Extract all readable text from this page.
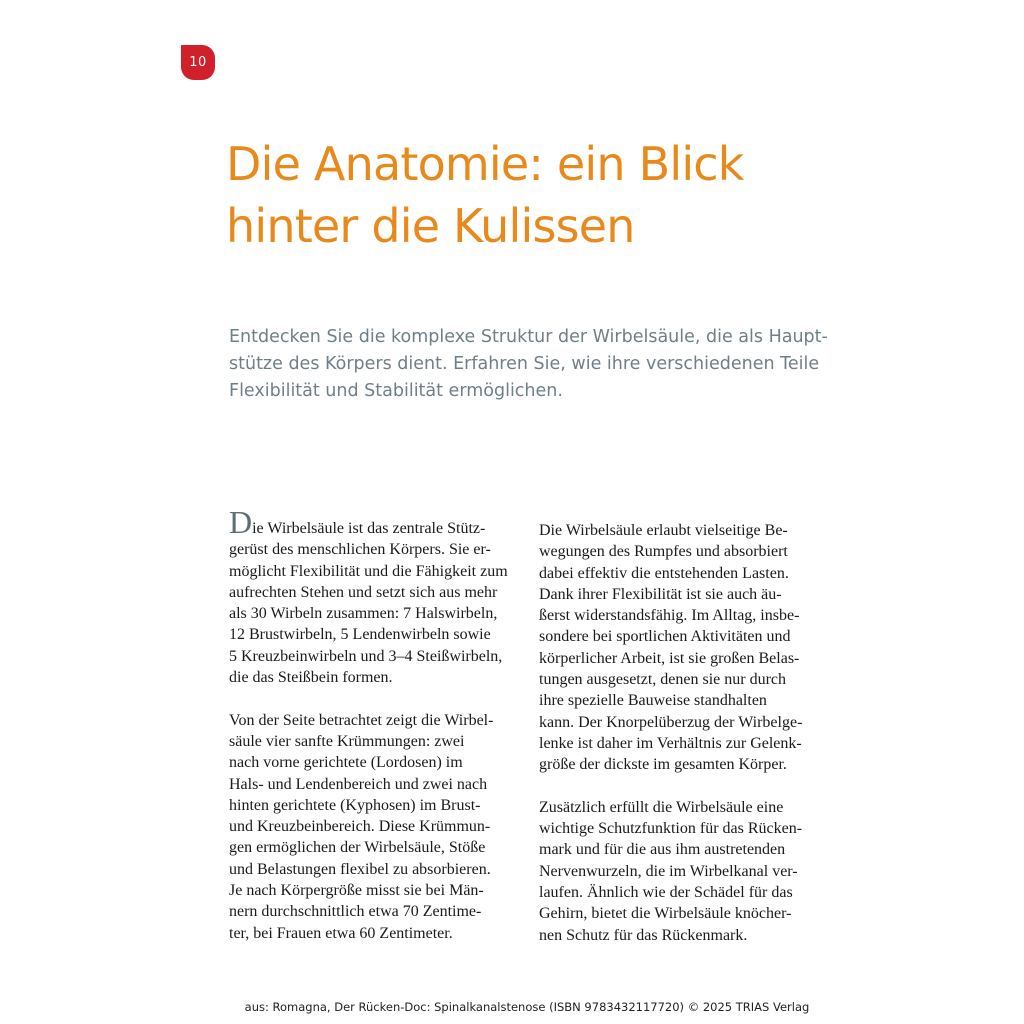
10
Die Anatomie: ein Blick
hinter die Kulissen

Entdecken Sie die komplexe Struktur der Wirbelsäule, die als Haupt-
stütze des Körpers dient. Erfahren Sie, wie ihre verschiedenen Teile
Flexibilität und Stabilität ermöglichen.

Die Wirbelsäule ist das zentrale Stütz-
gerüst des menschlichen Körpers. Sie er-
möglicht Flexibilität und die Fähigkeit zum
aufrechten Stehen und setzt sich aus mehr
als 30 Wirbeln zusammen: 7 Halswirbeln,
12 Brustwirbeln, 5 Lendenwirbeln sowie
5 Kreuzbeinwirbeln und 3–4 Steißwirbeln,
die das Steißbein formen.

Von der Seite betrachtet zeigt die Wirbel-
säule vier sanfte Krümmungen: zwei
nach vorne gerichtete (Lordosen) im
Hals- und Lendenbereich und zwei nach
hinten gerichtete (Kyphosen) im Brust-
und Kreuzbeinbereich. Diese Krümmun-
gen ermöglichen der Wirbelsäule, Stöße
und Belastungen flexibel zu absorbieren.
Je nach Körpergröße misst sie bei Män-
nern durchschnittlich etwa 70 Zentime-
ter, bei Frauen etwa 60 Zentimeter.

Die Wirbelsäule erlaubt vielseitige Be-
wegungen des Rumpfes und absorbiert
dabei effektiv die entstehenden Lasten.
Dank ihrer Flexibilität ist sie auch äu-
ßerst widerstandsfähig. Im Alltag, insbe-
sondere bei sportlichen Aktivitäten und
körperlicher Arbeit, ist sie großen Belas-
tungen ausgesetzt, denen sie nur durch
ihre spezielle Bauweise standhalten
kann. Der Knorpelüberzug der Wirbelge-
lenke ist daher im Verhältnis zur Gelenk-
größe der dickste im gesamten Körper.

Zusätzlich erfüllt die Wirbelsäule eine
wichtige Schutzfunktion für das Rücken-
mark und für die aus ihm austretenden
Nervenwurzeln, die im Wirbelkanal ver-
laufen. Ähnlich wie der Schädel für das
Gehirn, bietet die Wirbelsäule knöcher-
nen Schutz für das Rückenmark.

aus: Romagna, Der Rücken-Doc: Spinalkanalstenose (ISBN 9783432117720) © 2025 TRIAS Verlag
